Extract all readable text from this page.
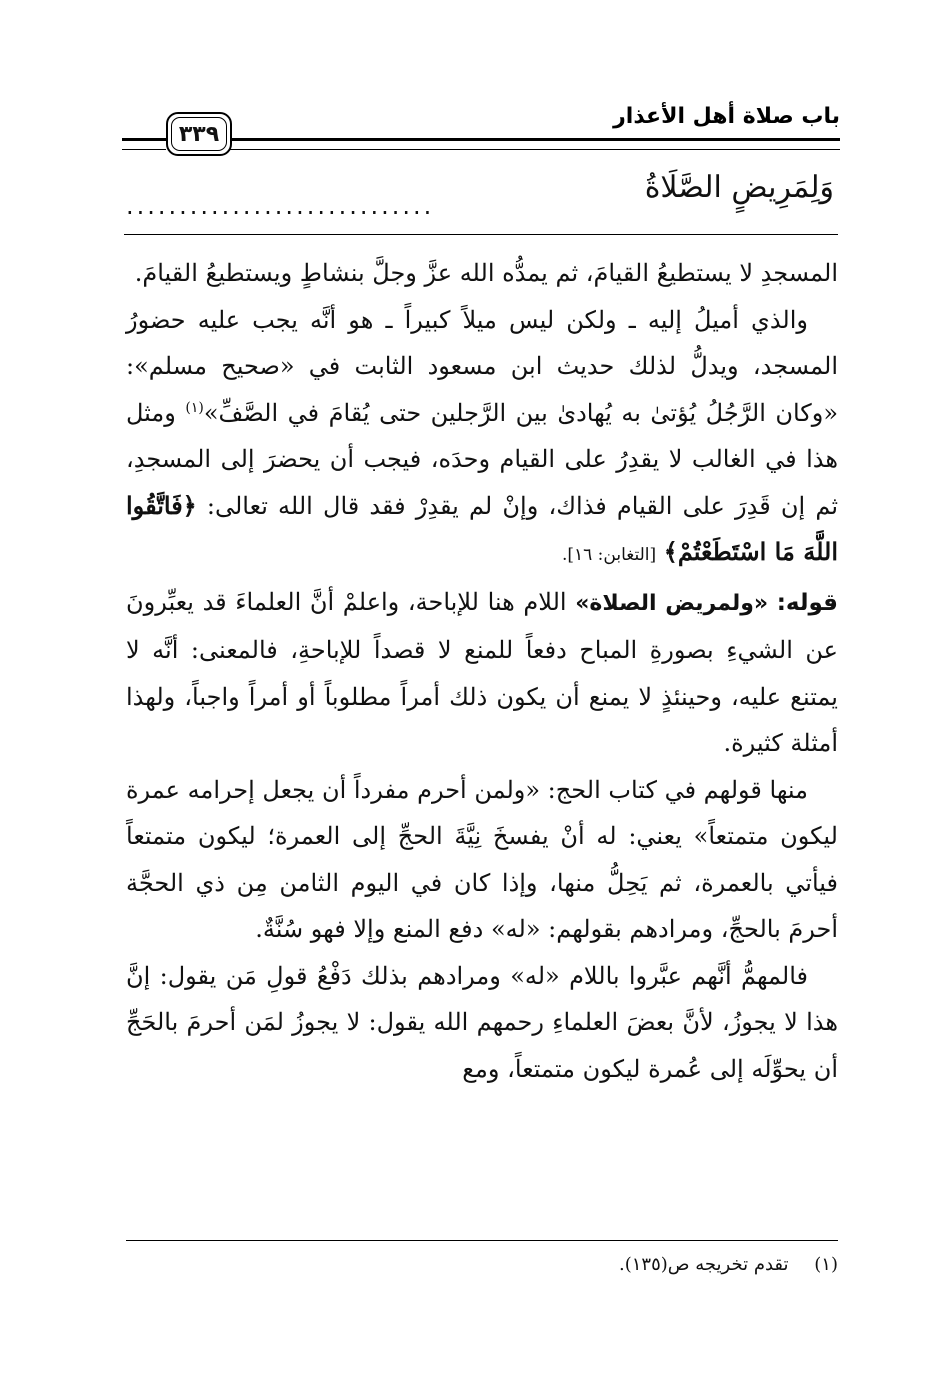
باب صلاة أهل الأعذار
٣٣٩
وَلِمَرِيضٍ الصَّلَاةُ
.............................

المسجدِ لا يستطيعُ القيامَ، ثم يمدُّه الله عزَّ وجلَّ بنشاطٍ ويستطيعُ القيامَ.

والذي أميلُ إليه ـ ولكن ليس ميلاً كبيراً ـ هو أنَّه يجب عليه حضورُ المسجد، ويدلُّ لذلك حديث ابن مسعود الثابت في «صحيح مسلم»: «وكان الرَّجُلُ يُؤتىٰ به يُهادىٰ بين الرَّجلين حتى يُقامَ في الصَّفِّ»$^{(١)}$ ومثل هذا في الغالب لا يقدِرُ على القيام وحدَه، فيجب أن يحضرَ إلى المسجدِ، ثم إن قَدِرَ على القيام فذاك، وإنْ لم يقدِرْ فقد قال الله تعالى: ﴿فَاتَّقُوا اللَّهَ مَا اسْتَطَعْتُمْ﴾ [التغابن: ١٦].

قوله: «ولمريض الصلاة» اللام هنا للإباحة، واعلمْ أنَّ العلماءَ قد يعبِّرونَ عن الشيءِ بصورةِ المباح دفعاً للمنع لا قصداً للإباحةِ، فالمعنى: أنَّه لا يمتنع عليه، وحينئذٍ لا يمنع أن يكون ذلك أمراً مطلوباً أو أمراً واجباً، ولهذا أمثلة كثيرة.

منها قولهم في كتاب الحج: «ولمن أحرم مفرداً أن يجعل إحرامه عمرة ليكون متمتعاً» يعني: له أنْ يفسخَ نِيَّةَ الحجِّ إلى العمرة؛ ليكون متمتعاً فيأتي بالعمرة، ثم يَحِلُّ منها، وإذا كان في اليوم الثامن مِن ذي الحجَّة أحرمَ بالحجِّ، ومرادهم بقولهم: «له» دفع المنع وإلا فهو سُنَّةٌ.

فالمهمُّ أنَّهم عبَّروا باللام «له» ومرادهم بذلك دَفْعُ قولِ مَن يقول: إنَّ هذا لا يجوزُ، لأنَّ بعضَ العلماءِ رحمهم الله يقول: لا يجوزُ لمَن أحرمَ بالحَجِّ أن يحوِّلَه إلى عُمرة ليكون متمتعاً، ومع

(١) تقدم تخريجه ص(١٣٥).
